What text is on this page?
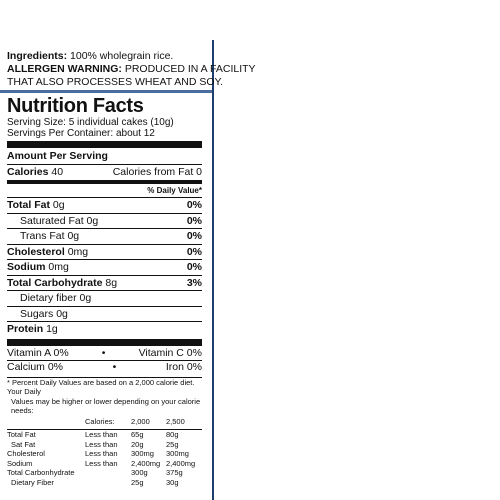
Ingredients: 100% wholegrain rice.
ALLERGEN WARNING: PRODUCED IN A FACILITY
THAT ALSO PROCESSES WHEAT AND SOY.
Nutrition Facts
Serving Size: 5 individual cakes (10g)
Servings Per Container: about 12
Amount Per Serving
Calories 40	Calories from Fat 0
% Daily Value*
Total Fat 0g	0%
Saturated Fat 0g	0%
Trans Fat 0g	0%
Cholesterol 0mg	0%
Sodium 0mg	0%
Total Carbohydrate 8g	3%
Dietary fiber 0g
Sugars 0g
Protein 1g
Vitamin A 0%	•	Vitamin C 0%
Calcium 0%	•	Iron 0%
* Percent Daily Values are based on a 2,000 calorie diet. Your Daily
Values may be higher or lower depending on your calorie needs:
	Calories:	2,000	2,500
Total Fat	Less than	65g	80g
Sat Fat	Less than	20g	25g
Cholesterol	Less than	300mg	300mg
Sodium	Less than	2,400mg	2,400mg
Total Carbonhydrate		300g	375g
Dietary Fiber		25g	30g
